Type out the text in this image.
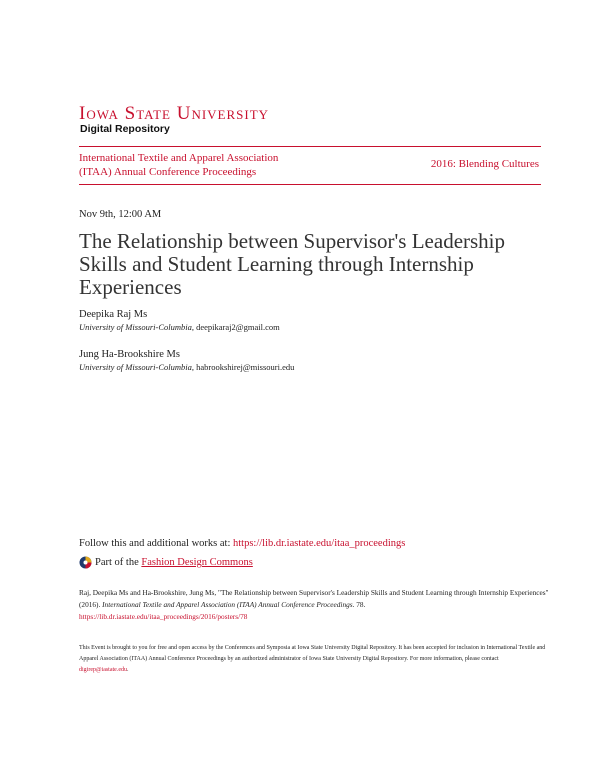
Iowa State University
Digital Repository
International Textile and Apparel Association
(ITAA) Annual Conference Proceedings
2016: Blending Cultures
Nov 9th, 12:00 AM
The Relationship between Supervisor's Leadership Skills and Student Learning through Internship Experiences
Deepika Raj Ms
University of Missouri-Columbia, deepikaraj2@gmail.com
Jung Ha-Brookshire Ms
University of Missouri-Columbia, habrookshirej@missouri.edu
Follow this and additional works at: https://lib.dr.iastate.edu/itaa_proceedings
Part of the
Fashion Design Commons
Raj, Deepika Ms and Ha-Brookshire, Jung Ms, "The Relationship between Supervisor's Leadership Skills and Student Learning through Internship Experiences" (2016). International Textile and Apparel Association (ITAA) Annual Conference Proceedings. 78.
https://lib.dr.iastate.edu/itaa_proceedings/2016/posters/78
This Event is brought to you for free and open access by the Conferences and Symposia at Iowa State University Digital Repository. It has been accepted for inclusion in International Textile and Apparel Association (ITAA) Annual Conference Proceedings by an authorized administrator of Iowa State University Digital Repository. For more information, please contact digirep@iastate.edu.
